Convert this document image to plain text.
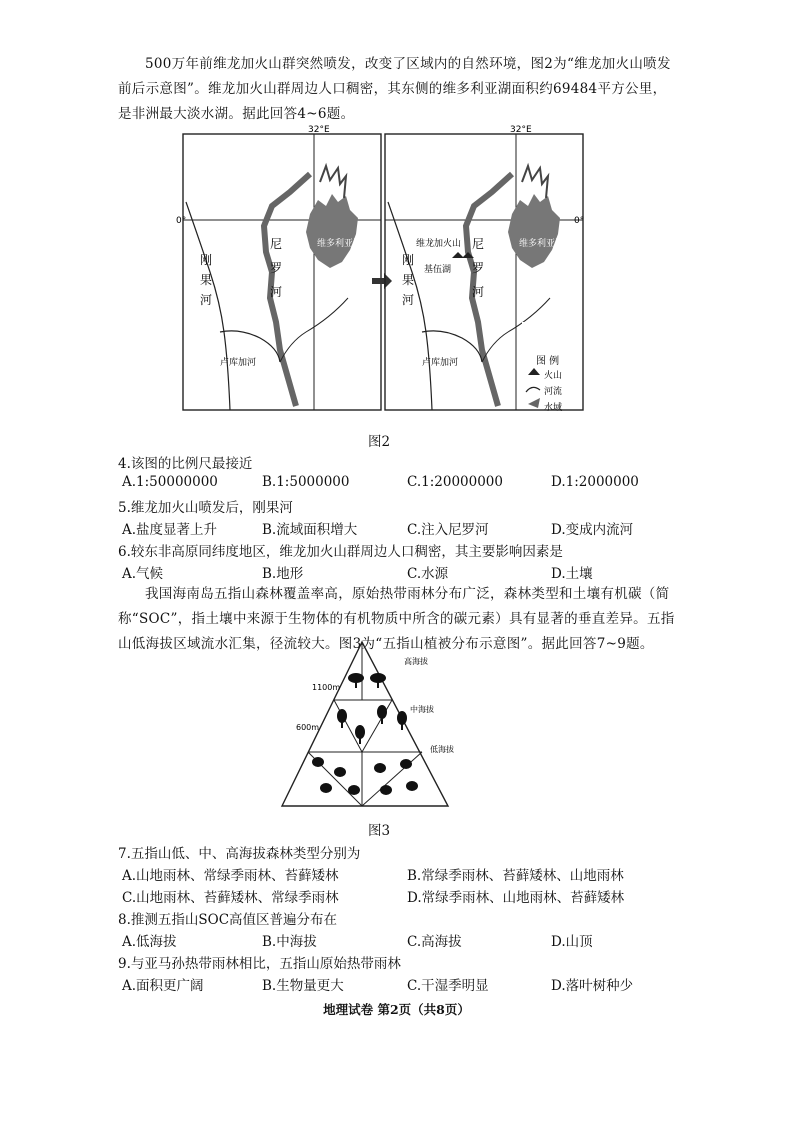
500万年前维龙加火山群突然喷发，改变了区域内的自然环境，图2为“维龙加火山喷发前后示意图”。维龙加火山群周边人口稠密，其东侧的维多利亚湖面积约69484平方公里，是非洲最大淡水湖。据此回答4~6题。
32°E	32°E
0°	0°
维多利亚湖	维多利亚湖
刚
果
河
尼
罗
河
卢库加河
刚
果
河
尼
罗
河
卢库加河
维龙加火山
基伍湖
图 例
火山
河流
水域
图2
4.该图的比例尺最接近
A.1:50000000	B.1:5000000	C.1:20000000	D.1:2000000
5.维龙加火山喷发后，刚果河
A.盐度显著上升	B.流域面积增大	C.注入尼罗河	D.变成内流河
6.较东非高原同纬度地区，维龙加火山群周边人口稠密，其主要影响因素是
A.气候	B.地形	C.水源	D.土壤
我国海南岛五指山森林覆盖率高，原始热带雨林分布广泛，森林类型和土壤有机碳（简称“SOC”，指土壤中来源于生物体的有机物质中所含的碳元素）具有显著的垂直差异。五指山低海拔区域流水汇集，径流较大。图3为“五指山植被分布示意图”。据此回答7~9题。
高海拔
中海拔
低海拔
1100m
600m
图3
7.五指山低、中、高海拔森林类型分别为
A.山地雨林、常绿季雨林、苔藓矮林	B.常绿季雨林、苔藓矮林、山地雨林
C.山地雨林、苔藓矮林、常绿季雨林	D.常绿季雨林、山地雨林、苔藓矮林
8.推测五指山SOC高值区普遍分布在
A.低海拔	B.中海拔	C.高海拔	D.山顶
9.与亚马孙热带雨林相比，五指山原始热带雨林
A.面积更广阔	B.生物量更大	C.干湿季明显	D.落叶树种少
地理试卷 第2页（共8页）
